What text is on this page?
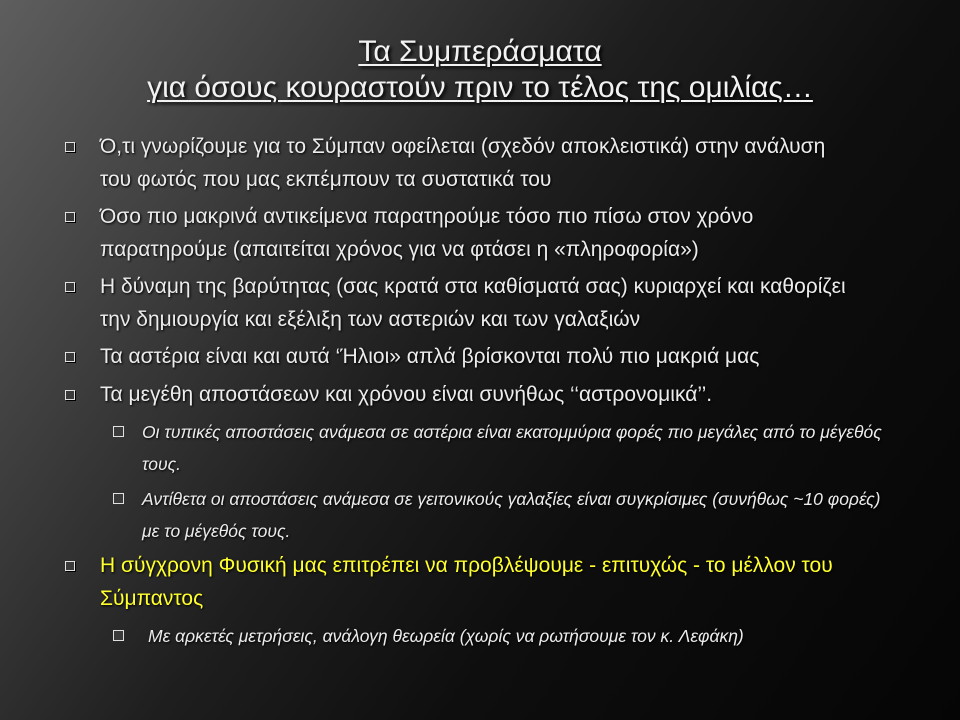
Τα Συμπεράσματα
για όσους κουραστούν πριν το τέλος της ομιλίας…
Ό,τι γνωρίζουμε για το Σύμπαν οφείλεται (σχεδόν αποκλειστικά) στην ανάλυση του φωτός που μας εκπέμπουν τα συστατικά του
Όσο πιο μακρινά αντικείμενα παρατηρούμε τόσο πιο πίσω στον χρόνο παρατηρούμε (απαιτείται χρόνος για να φτάσει η «πληροφορία»)
Η δύναμη της βαρύτητας (σας κρατά στα καθίσματά σας) κυριαρχεί και καθορίζει την δημιουργία και εξέλιξη των αστεριών και των γαλαξιών
Τα αστέρια είναι και αυτά ‘Ήλιοι» απλά βρίσκονται πολύ πιο μακριά μας
Τα μεγέθη αποστάσεων και χρόνου είναι συνήθως ‘‘αστρονομικά’’.
Οι τυπικές αποστάσεις ανάμεσα σε αστέρια είναι εκατομμύρια φορές πιο μεγάλες από το μέγεθός τους.
Αντίθετα οι αποστάσεις ανάμεσα σε γειτονικούς γαλαξίες είναι συγκρίσιμες (συνήθως ~10 φορές) με το μέγεθός τους.
Η σύγχρονη Φυσική μας επιτρέπει να προβλέψουμε - επιτυχώς - το μέλλον του Σύμπαντος
Με αρκετές μετρήσεις, ανάλογη θεωρεία (χωρίς να ρωτήσουμε τον κ. Λεφάκη)
